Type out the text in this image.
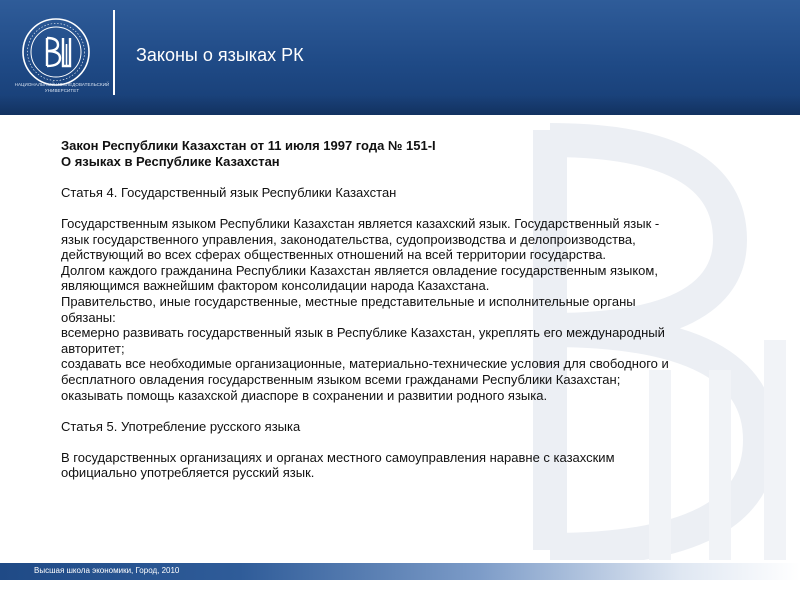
НАЦИОНАЛЬНЫЙ ИССЛЕДОВАТЕЛЬСКИЙ
УНИВЕРСИТЕТ
Законы о языках РК

Закон Республики Казахстан от 11 июля 1997 года № 151-I

О языках в Республике Казахстан

Статья 4. Государственный язык Республики Казахстан

Государственным языком Республики Казахстан является казахский язык. Государственный язык -

язык государственного управления, законодательства, судопроизводства и делопроизводства,

действующий во всех сферах общественных отношений на всей территории государства.

Долгом каждого гражданина Республики Казахстан является овладение государственным языком,

являющимся важнейшим фактором консолидации народа Казахстана.

Правительство, иные государственные, местные представительные и исполнительные органы

обязаны:

всемерно развивать государственный язык в Республике Казахстан, укреплять его международный

авторитет;

создавать все необходимые организационные, материально-технические условия для свободного и

бесплатного овладения государственным языком всеми гражданами Республики Казахстан;

оказывать помощь казахской диаспоре в сохранении и развитии родного языка.

Статья 5. Употребление русского языка

В государственных организациях и органах местного самоуправления наравне с казахским

официально употребляется русский язык.

Высшая школа экономики, Город, 2010
